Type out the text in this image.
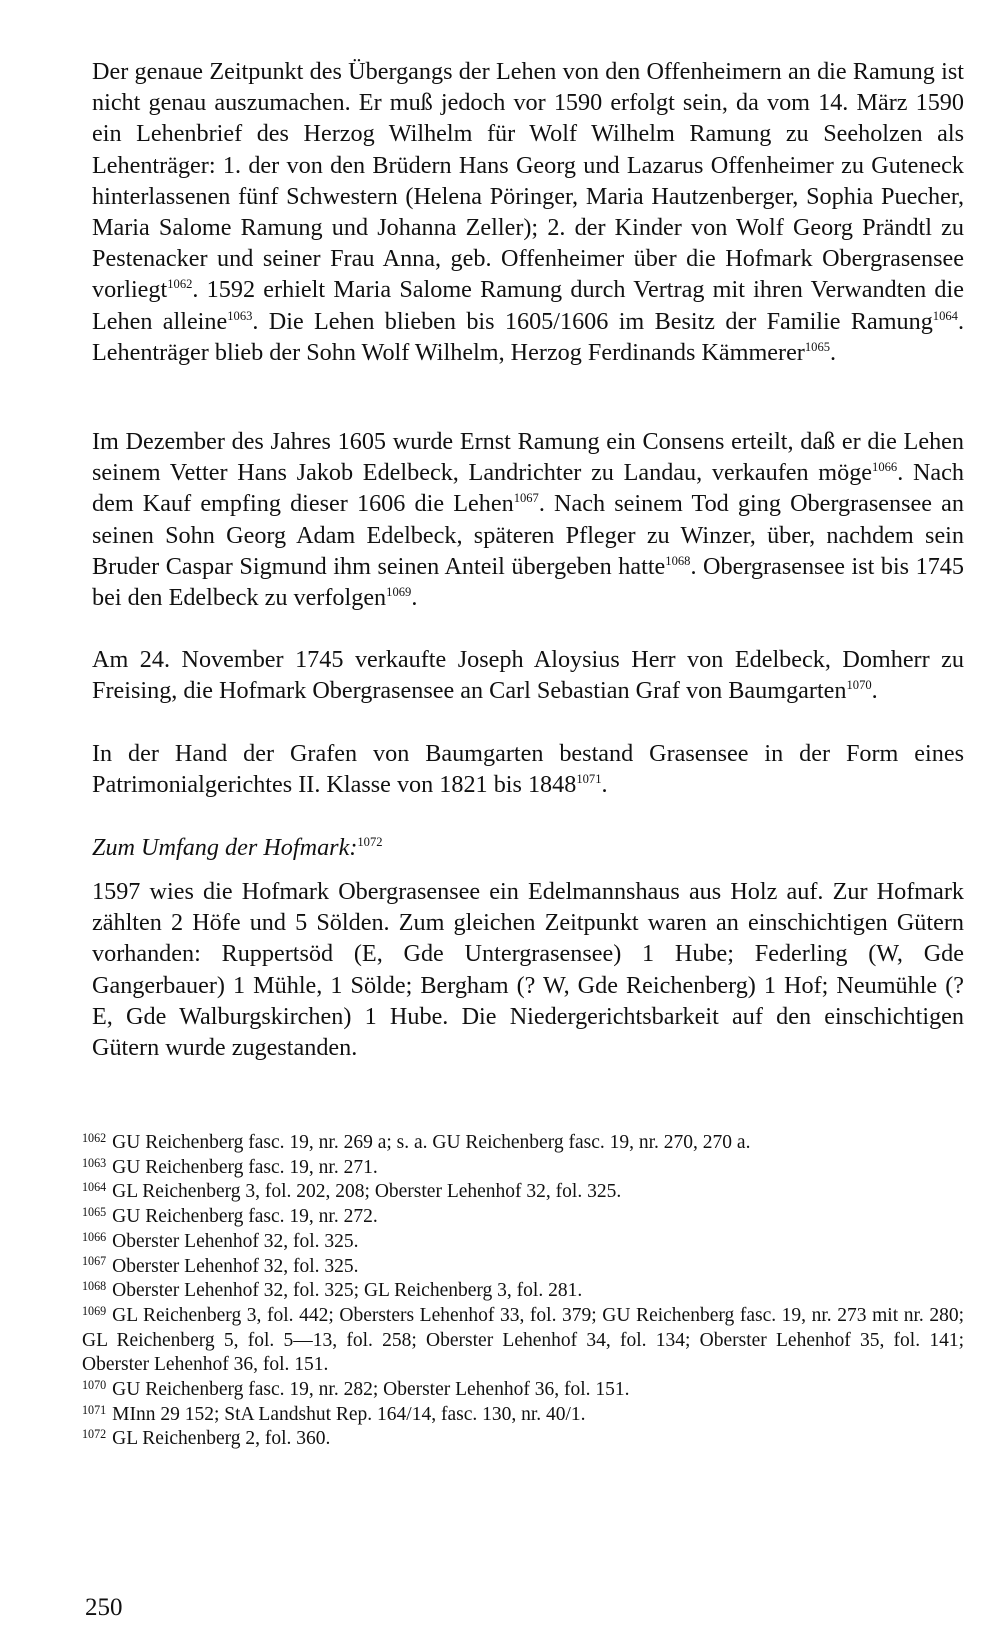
Der genaue Zeitpunkt des Übergangs der Lehen von den Offenheimern an die Ramung ist nicht genau auszumachen. Er muß jedoch vor 1590 erfolgt sein, da vom 14. März 1590 ein Lehenbrief des Herzog Wilhelm für Wolf Wilhelm Ramung zu Seeholzen als Lehenträger: 1. der von den Brüdern Hans Georg und Lazarus Offenheimer zu Guteneck hinterlassenen fünf Schwestern (Helena Pöringer, Maria Hautzenberger, Sophia Puecher, Maria Salome Ramung und Johanna Zeller); 2. der Kinder von Wolf Georg Prändtl zu Pestenacker und seiner Frau Anna, geb. Offenheimer über die Hofmark Obergrasensee vorliegt$^{1062}$. 1592 erhielt Maria Salome Ramung durch Vertrag mit ihren Verwandten die Lehen alleine$^{1063}$. Die Lehen blieben bis 1605/1606 im Besitz der Familie Ramung$^{1064}$. Lehenträger blieb der Sohn Wolf Wilhelm, Herzog Ferdinands Kämmerer$^{1065}$.

Im Dezember des Jahres 1605 wurde Ernst Ramung ein Consens erteilt, daß er die Lehen seinem Vetter Hans Jakob Edelbeck, Landrichter zu Landau, verkaufen möge$^{1066}$. Nach dem Kauf empfing dieser 1606 die Lehen$^{1067}$. Nach seinem Tod ging Obergrasensee an seinen Sohn Georg Adam Edelbeck, späteren Pfleger zu Winzer, über, nachdem sein Bruder Caspar Sigmund ihm seinen Anteil übergeben hatte$^{1068}$. Obergrasensee ist bis 1745 bei den Edelbeck zu verfolgen$^{1069}$.

Am 24. November 1745 verkaufte Joseph Aloysius Herr von Edelbeck, Domherr zu Freising, die Hofmark Obergrasensee an Carl Sebastian Graf von Baumgarten$^{1070}$.

In der Hand der Grafen von Baumgarten bestand Grasensee in der Form eines Patrimonialgerichtes II. Klasse von 1821 bis 1848$^{1071}$.

Zum Umfang der Hofmark:$^{1072}$

1597 wies die Hofmark Obergrasensee ein Edelmannshaus aus Holz auf. Zur Hofmark zählten 2 Höfe und 5 Sölden. Zum gleichen Zeitpunkt waren an einschichtigen Gütern vorhanden: Ruppertsöd (E, Gde Untergrasensee) 1 Hube; Federling (W, Gde Gangerbauer) 1 Mühle, 1 Sölde; Bergham (? W, Gde Reichenberg) 1 Hof; Neumühle (? E, Gde Walburgskirchen) 1 Hube. Die Niedergerichtsbarkeit auf den einschichtigen Gütern wurde zugestanden.

$^{1062}$ GU Reichenberg fasc. 19, nr. 269 a; s. a. GU Reichenberg fasc. 19, nr. 270, 270 a.

$^{1063}$ GU Reichenberg fasc. 19, nr. 271.

$^{1064}$ GL Reichenberg 3, fol. 202, 208; Oberster Lehenhof 32, fol. 325.

$^{1065}$ GU Reichenberg fasc. 19, nr. 272.

$^{1066}$ Oberster Lehenhof 32, fol. 325.

$^{1067}$ Oberster Lehenhof 32, fol. 325.

$^{1068}$ Oberster Lehenhof 32, fol. 325; GL Reichenberg 3, fol. 281.

$^{1069}$ GL Reichenberg 3, fol. 442; Obersters Lehenhof 33, fol. 379; GU Reichenberg fasc. 19, nr. 273 mit nr. 280; GL Reichenberg 5, fol. 5—13, fol. 258; Oberster Lehenhof 34, fol. 134; Oberster Lehenhof 35, fol. 141; Oberster Lehenhof 36, fol. 151.

$^{1070}$ GU Reichenberg fasc. 19, nr. 282; Oberster Lehenhof 36, fol. 151.

$^{1071}$ MInn 29 152; StA Landshut Rep. 164/14, fasc. 130, nr. 40/1.

$^{1072}$ GL Reichenberg 2, fol. 360.

250
